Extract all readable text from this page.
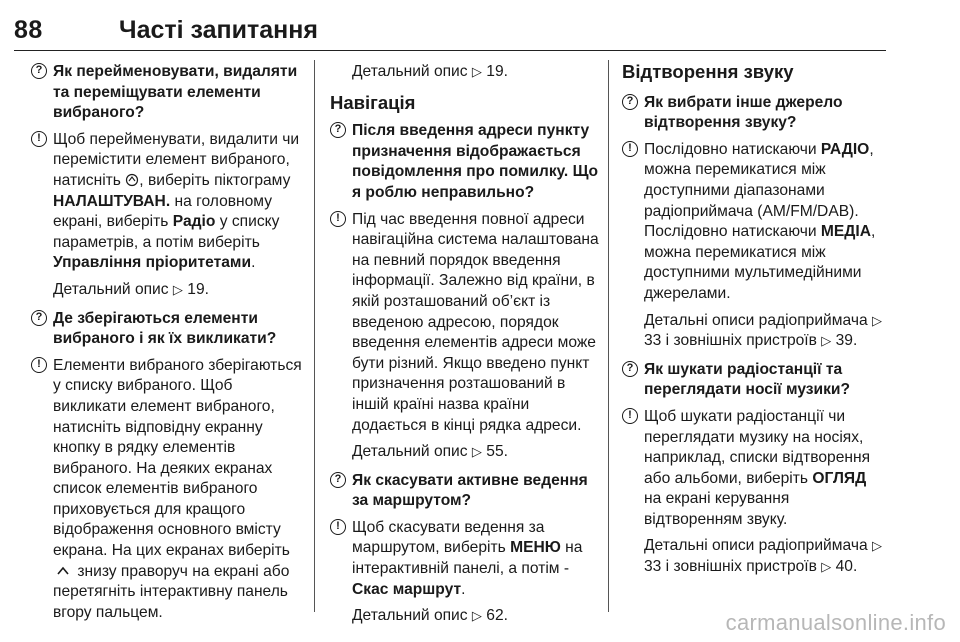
88	Часті запитання
? Як перейменовувати, видаляти та переміщувати елементи вибраного?
! Щоб перейменувати, видалити чи перемістити елемент вибраного, натисніть , виберіть піктограму НАЛАШТУВАН. на головному екрані, виберіть Радіо у списку параметрів, а потім виберіть Управління пріоритетами.
Детальний опис ▷ 19.
? Де зберігаються елементи вибраного і як їх викликати?
! Елементи вибраного зберігаються у списку вибраного. Щоб викликати елемент вибраного, натисніть відповідну екранну кнопку в рядку елементів вибраного. На деяких екранах список елементів вибраного приховується для кращого відображення основного вмісту екрана. На цих екранах виберіть  знизу праворуч на екрані або перетягніть інтерактивну панель вгору пальцем.
Детальний опис ▷ 19.
Навігація
? Після введення адреси пункту призначення відображається повідомлення про помилку. Що я роблю неправильно?
! Під час введення повної адреси навігаційна система налаштована на певний порядок введення інформації. Залежно від країни, в якій розташований об’єкт із введеною адресою, порядок введення елементів адреси може бути різний. Якщо введено пункт призначення розташований в іншій країні назва країни додається в кінці рядка адреси.
Детальний опис ▷ 55.
? Як скасувати активне ведення за маршрутом?
! Щоб скасувати ведення за маршрутом, виберіть МЕНЮ на інтерактивній панелі, а потім - Скас маршрут.
Детальний опис ▷ 62.
Відтворення звуку
? Як вибрати інше джерело відтворення звуку?
! Послідовно натискаючи РАДІО, можна перемикатися між доступними діапазонами радіоприймача (AM/FM/DAB). Послідовно натискаючи МЕДІА, можна перемикатися між доступними мультимедійними джерелами.
Детальні описи радіоприймача ▷ 33 і зовнішніх пристроїв ▷ 39.
? Як шукати радіостанції та переглядати носії музики?
! Щоб шукати радіостанції чи переглядати музику на носіях, наприклад, списки відтворення або альбоми, виберіть ОГЛЯД на екрані керування відтворенням звуку.
Детальні описи радіоприймача ▷ 33 і зовнішніх пристроїв ▷ 40.
carmanualsonline.info
